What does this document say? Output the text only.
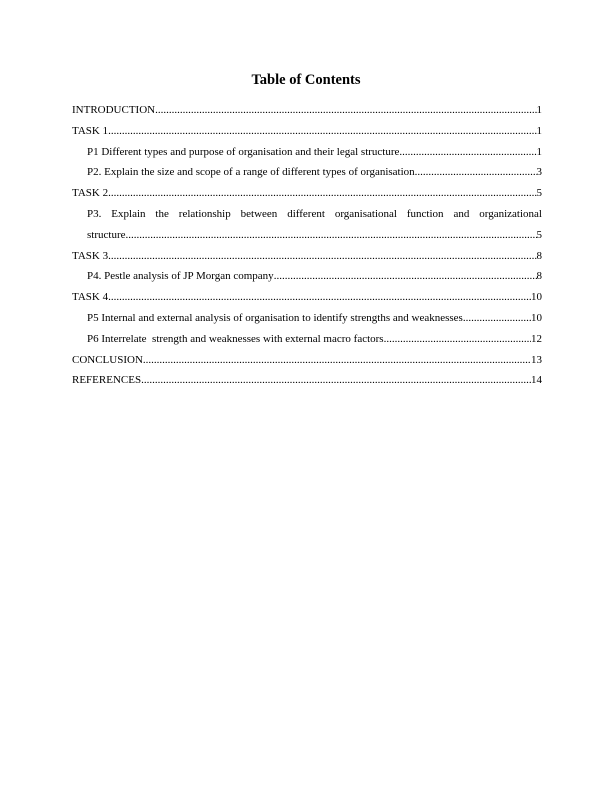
Table of Contents
INTRODUCTION .....	1
TASK 1 .....	1
P1 Different types and purpose of organisation and their legal structure .....	1
P2. Explain the size and scope of a range of different types of organisation .....	3
TASK 2 .....	5
P3. Explain the relationship between different organisational function and organizational
structure .....	5
TASK 3 .....	8
P4. Pestle analysis of JP Morgan company .....	8
TASK 4 .....	10
P5 Internal and external analysis of organisation to identify strengths and weaknesses .....	10
P6 Interrelate  strength and weaknesses with external macro factors .....	12
CONCLUSION .....	13
REFERENCES .....	14
